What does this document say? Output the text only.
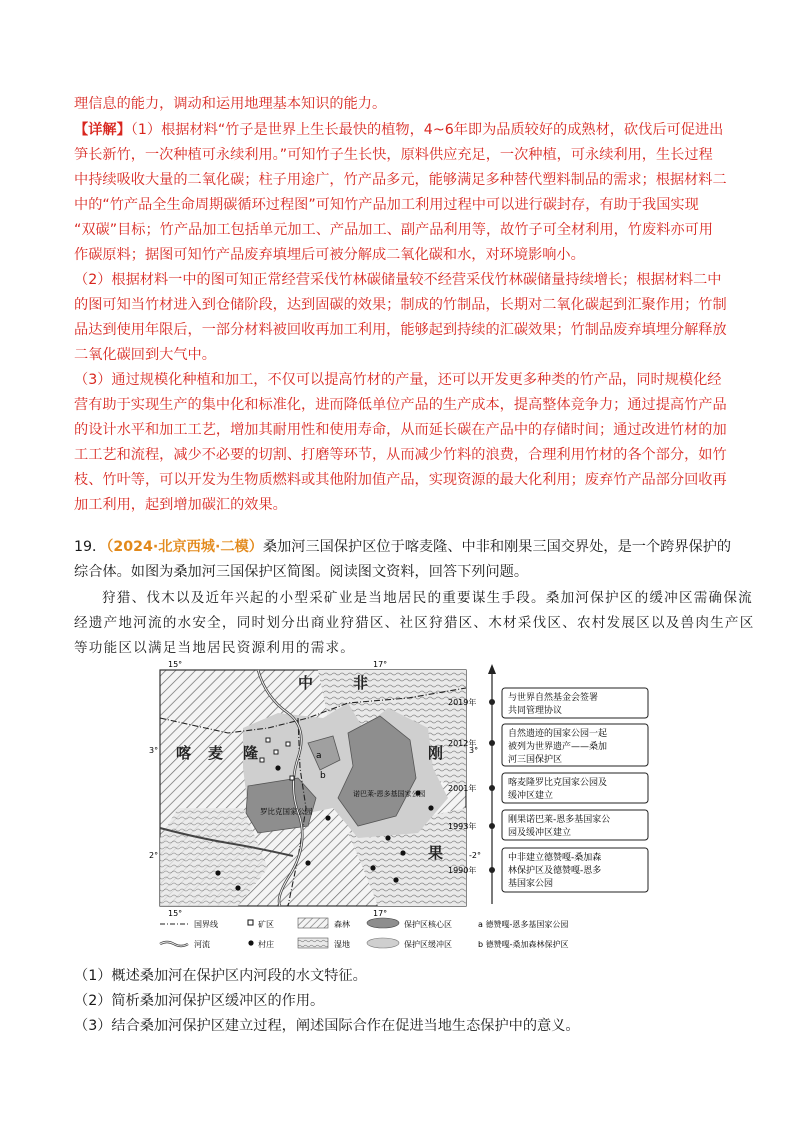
理信息的能力，调动和运用地理基本知识的能力。
【详解】（1）根据材料“竹子是世界上生长最快的植物，4~6年即为品质较好的成熟材，砍伐后可促进出
笋长新竹，一次种植可永续利用。”可知竹子生长快，原料供应充足，一次种植，可永续利用，生长过程
中持续吸收大量的二氧化碳；柱子用途广，竹产品多元，能够满足多种替代塑料制品的需求；根据材料二
中的“竹产品全生命周期碳循环过程图”可知竹产品加工利用过程中可以进行碳封存，有助于我国实现
“双碳”目标；竹产品加工包括单元加工、产品加工、副产品利用等，故竹子可全材利用，竹废料亦可用
作碳原料；据图可知竹产品废弃填埋后可被分解成二氧化碳和水，对环境影响小。
（2）根据材料一中的图可知正常经营采伐竹林碳储量较不经营采伐竹林碳储量持续增长；根据材料二中
的图可知当竹材进入到仓储阶段，达到固碳的效果；制成的竹制品，长期对二氧化碳起到汇聚作用；竹制
品达到使用年限后，一部分材料被回收再加工利用，能够起到持续的汇碳效果；竹制品废弃填埋分解释放
二氧化碳回到大气中。
（3）通过规模化种植和加工，不仅可以提高竹材的产量，还可以开发更多种类的竹产品，同时规模化经
营有助于实现生产的集中化和标准化，进而降低单位产品的生产成本，提高整体竞争力；通过提高竹产品
的设计水平和加工工艺，增加其耐用性和使用寿命，从而延长碳在产品中的存储时间；通过改进竹材的加
工工艺和流程，减少不必要的切割、打磨等环节，从而减少竹料的浪费，合理利用竹材的各个部分，如竹
枝、竹叶等，可以开发为生物质燃料或其他附加值产品，实现资源的最大化利用；废弃竹产品部分回收再
加工利用，起到增加碳汇的效果。
19．（2024·北京西城·二模）桑加河三国保护区位于喀麦隆、中非和刚果三国交界处，是一个跨界保护的
综合体。如图为桑加河三国保护区简图。阅读图文资料，回答下列问题。
狩猎、伐木以及近年兴起的小型采矿业是当地居民的重要谋生手段。桑加河保护区的缓冲区需确保流
经遗产地河流的水安全，同时划分出商业狩猎区、社区狩猎区、木材采伐区、农村发展区以及兽肉生产区
等功能区以满足当地居民资源利用的需求。
15°	17°
15°	17°
3°
2°
3°
-2°
中	非
喀 麦 隆	刚
果
罗比克国家公园
诺巴莱-恩多基国家公园
a
b
2019年	与世界自然基金会签署
共同管理协议
2012年
自然遗迹的国家公园一起
被列为世界遗产——桑加
河三国保护区
2001年
喀麦隆罗比克国家公园及
缓冲区建立
1993年
刚果诺巴莱-恩多基国家公
园及缓冲区建立
1990年
中非建立德赞嘎-桑加森
林保护区及德赞嘎-恩多
基国家公园
国界线	矿区	森林	保护区核心区	a 德赞嘎-恩多基国家公园
河流	村庄	湿地	保护区缓冲区	b 德赞嘎-桑加森林保护区
（1）概述桑加河在保护区内河段的水文特征。
（2）简析桑加河保护区缓冲区的作用。
（3）结合桑加河保护区建立过程，阐述国际合作在促进当地生态保护中的意义。
